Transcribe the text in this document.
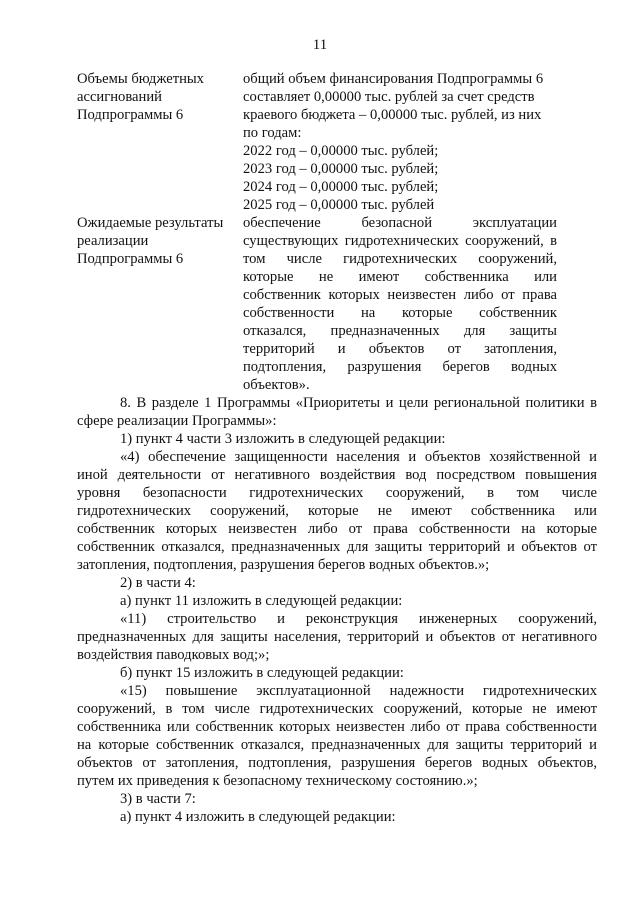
11
Объемы бюджетных
ассигнований
Подпрограммы 6
общий объем финансирования Подпрограммы 6
составляет 0,00000 тыс. рублей за счет средств
краевого бюджета – 0,00000 тыс. рублей, из них
по годам:
2022 год – 0,00000 тыс. рублей;
2023 год – 0,00000 тыс. рублей;
2024 год – 0,00000 тыс. рублей;
2025 год – 0,00000 тыс. рублей
Ожидаемые результаты
реализации
Подпрограммы 6
обеспечение безопасной эксплуатации
существующих гидротехнических сооружений, в
том числе гидротехнических сооружений,
которые не имеют собственника или
собственник которых неизвестен либо от права
собственности на которые собственник
отказался, предназначенных для защиты
территорий и объектов от затопления,
подтопления, разрушения берегов водных
объектов».
8. В разделе 1 Программы «Приоритеты и цели региональной политики в
сфере реализации Программы»:
1) пункт 4 части 3 изложить в следующей редакции:
«4) обеспечение защищенности населения и объектов хозяйственной и
иной деятельности от негативного воздействия вод посредством повышения
уровня безопасности гидротехнических сооружений, в том числе
гидротехнических сооружений, которые не имеют собственника или
собственник которых неизвестен либо от права собственности на которые
собственник отказался, предназначенных для защиты территорий и объектов от
затопления, подтопления, разрушения берегов водных объектов.»;
2) в части 4:
а) пункт 11 изложить в следующей редакции:
«11) строительство и реконструкция инженерных сооружений,
предназначенных для защиты населения, территорий и объектов от негативного
воздействия паводковых вод;»;
б) пункт 15 изложить в следующей редакции:
«15) повышение эксплуатационной надежности гидротехнических
сооружений, в том числе гидротехнических сооружений, которые не имеют
собственника или собственник которых неизвестен либо от права собственности
на которые собственник отказался, предназначенных для защиты территорий и
объектов от затопления, подтопления, разрушения берегов водных объектов,
путем их приведения к безопасному техническому состоянию.»;
3) в части 7:
а) пункт 4 изложить в следующей редакции:
